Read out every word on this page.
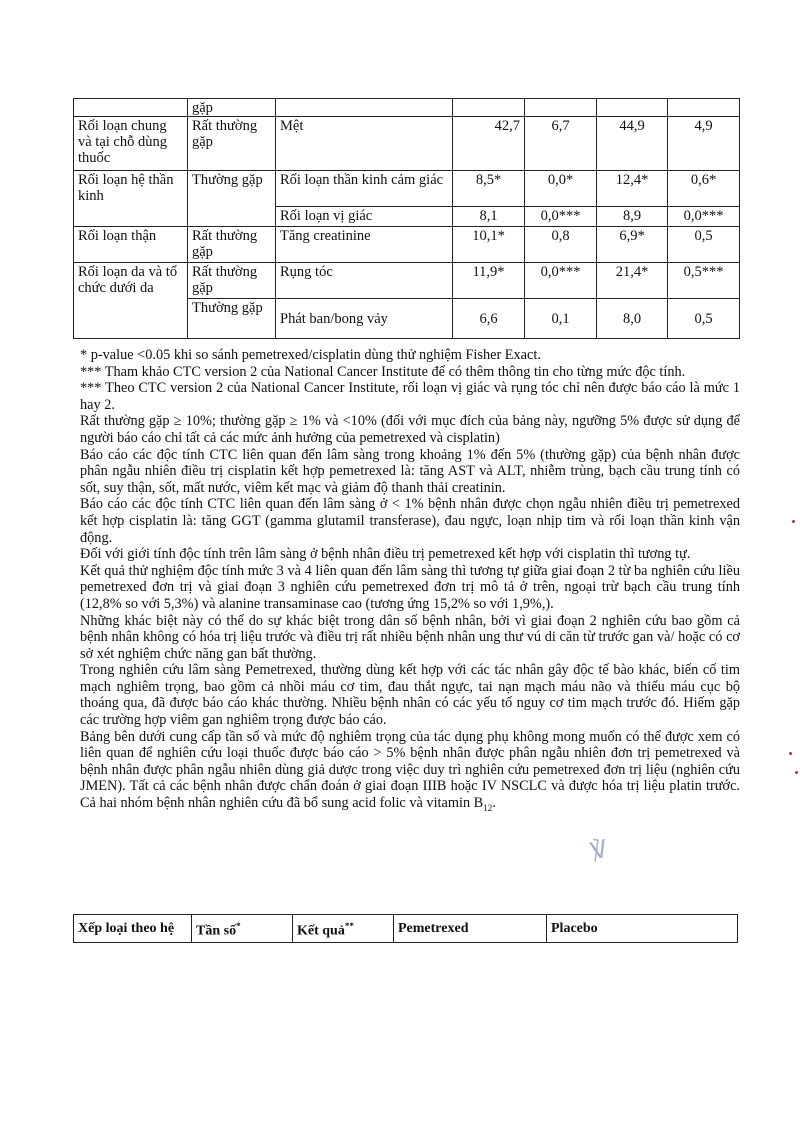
	gặp					
Rối loạn chung và tại chỗ dùng thuốc	Rất thường gặp	Mệt	42,7	6,7	44,9	4,9
Rối loạn hệ thần kinh	Thường gặp	Rối loạn thần kinh cảm giác	8,5*	0,0*	12,4*	0,6*
		Rối loạn vị giác	8,1	0,0***	8,9	0,0***
Rối loạn thận	Rất thường gặp	Tăng creatinine	10,1*	0,8	6,9*	0,5
Rối loạn da và tổ chức dưới da	Rất thường gặp	Rụng tóc	11,9*	0,0***	21,4*	0,5***
	Thường gặp	Phát ban/bong vảy	6,6	0,1	8,0	0,5

* p-value <0.05 khi so sánh pemetrexed/cisplatin dùng thử nghiệm Fisher Exact.

*** Tham khảo CTC version 2 của National Cancer Institute để có thêm thông tin cho từng mức độc tính.

*** Theo CTC version 2 của National Cancer Institute, rối loạn vị giác và rụng tóc chỉ nên được báo cáo là mức 1 hay 2.

Rất thường gặp ≥ 10%; thường gặp ≥ 1% và <10% (đối với mục đích của bảng này, ngưỡng 5% được sử dụng để người báo cáo chỉ tất cả các mức ảnh hưởng của pemetrexed và cisplatin)

Báo cáo các độc tính CTC liên quan đến lâm sàng trong khoảng 1% đến 5% (thường gặp) của bệnh nhân được phân ngẫu nhiên điều trị cisplatin kết hợp pemetrexed là: tăng AST và ALT, nhiễm trùng, bạch cầu trung tính có sốt, suy thận, sốt, mất nước, viêm kết mạc và giảm độ thanh thải creatinin.

Báo cáo các độc tính CTC liên quan đến lâm sàng ở < 1% bệnh nhân được chọn ngẫu nhiên điều trị pemetrexed kết hợp cisplatin là: tăng GGT (gamma glutamil transferase), đau ngực, loạn nhịp tim và rối loạn thần kinh vận động.

Đối với giới tính độc tính trên lâm sàng ở bệnh nhân điều trị pemetrexed kết hợp với cisplatin thì tương tự.

Kết quả thử nghiệm độc tính mức 3 và 4 liên quan đến lâm sàng thì tương tự giữa giai đoạn 2 từ ba nghiên cứu liều pemetrexed đơn trị và giai đoạn 3 nghiên cứu pemetrexed đơn trị mô tả ở trên, ngoại trừ bạch cầu trung tính (12,8% so với 5,3%) và alanine transaminase cao (tương ứng 15,2% so với 1,9%,).

Những khác biệt này có thể do sự khác biệt trong dân số bệnh nhân, bởi vì giai đoạn 2 nghiên cứu bao gồm cả bệnh nhân không có hóa trị liệu trước và điều trị rất nhiều bệnh nhân ung thư vú di căn từ trước gan và/ hoặc có cơ sở xét nghiệm chức năng gan bất thường.

Trong nghiên cứu lâm sàng Pemetrexed, thường dùng kết hợp với các tác nhân gây độc tế bào khác, biến cố tim mạch nghiêm trọng, bao gồm cả nhồi máu cơ tim, đau thắt ngực, tai nạn mạch máu não và thiếu máu cục bộ thoáng qua, đã được báo cáo khác thường. Nhiều bệnh nhân có các yếu tố nguy cơ tim mạch trước đó. Hiếm gặp các trường hợp viêm gan nghiêm trọng được báo cáo.

Bảng bên dưới cung cấp tần số và mức độ nghiêm trọng của tác dụng phụ không mong muốn có thể được xem có liên quan để nghiên cứu loại thuốc được báo cáo > 5% bệnh nhân được phân ngẫu nhiên đơn trị pemetrexed và bệnh nhân được phân ngẫu nhiên dùng giả dược trong việc duy trì nghiên cứu pemetrexed đơn trị liệu (nghiên cứu JMEN). Tất cả các bệnh nhân được chẩn đoán ở giai đoạn IIIB hoặc IV NSCLC và được hóa trị liệu platin trước. Cả hai nhóm bệnh nhân nghiên cứu đã bổ sung acid folic và vitamin $B_{12}$.

Xếp loại theo hệ	Tần số*	Kết quả**	Pemetrexed	Placebo
℣
